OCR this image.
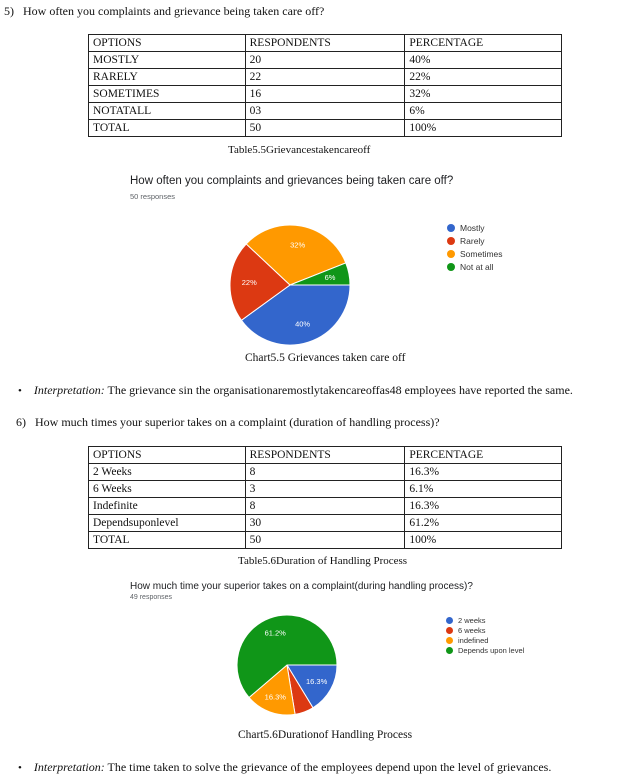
5) How often you complaints and grievance being taken care off?
OPTIONS	RESPONDENTS	PERCENTAGE
MOSTLY	20	40%
RARELY	22	22%
SOMETIMES	16	32%
NOTATALL	03	6%
TOTAL	50	100%
Table5.5Grievancestakencareoff
How often you complaints and grievances being taken care off?
50 responses
40%
22%
32%
6%
Mostly
Rarely
Sometimes
Not at all
Chart5.5 Grievances taken care off
• Interpretation: The grievance sin the organisationaremostlytakencareoffas48 employees have reported the same.
6) How much times your superior takes on a complaint (duration of handling process)?
OPTIONS	RESPONDENTS	PERCENTAGE
2 Weeks	8	16.3%
6 Weeks	3	6.1%
Indefinite	8	16.3%
Dependsuponlevel	30	61.2%
TOTAL	50	100%
Table5.6Duration of Handling Process
How much time your superior takes on a complaint(during handling process)?
49 responses
16.3%
16.3%
61.2%
2 weeks
6 weeks
indefined
Depends upon level
Chart5.6Durationof Handling Process
• Interpretation: The time taken to solve the grievance of the employees depend upon the level of grievances.
